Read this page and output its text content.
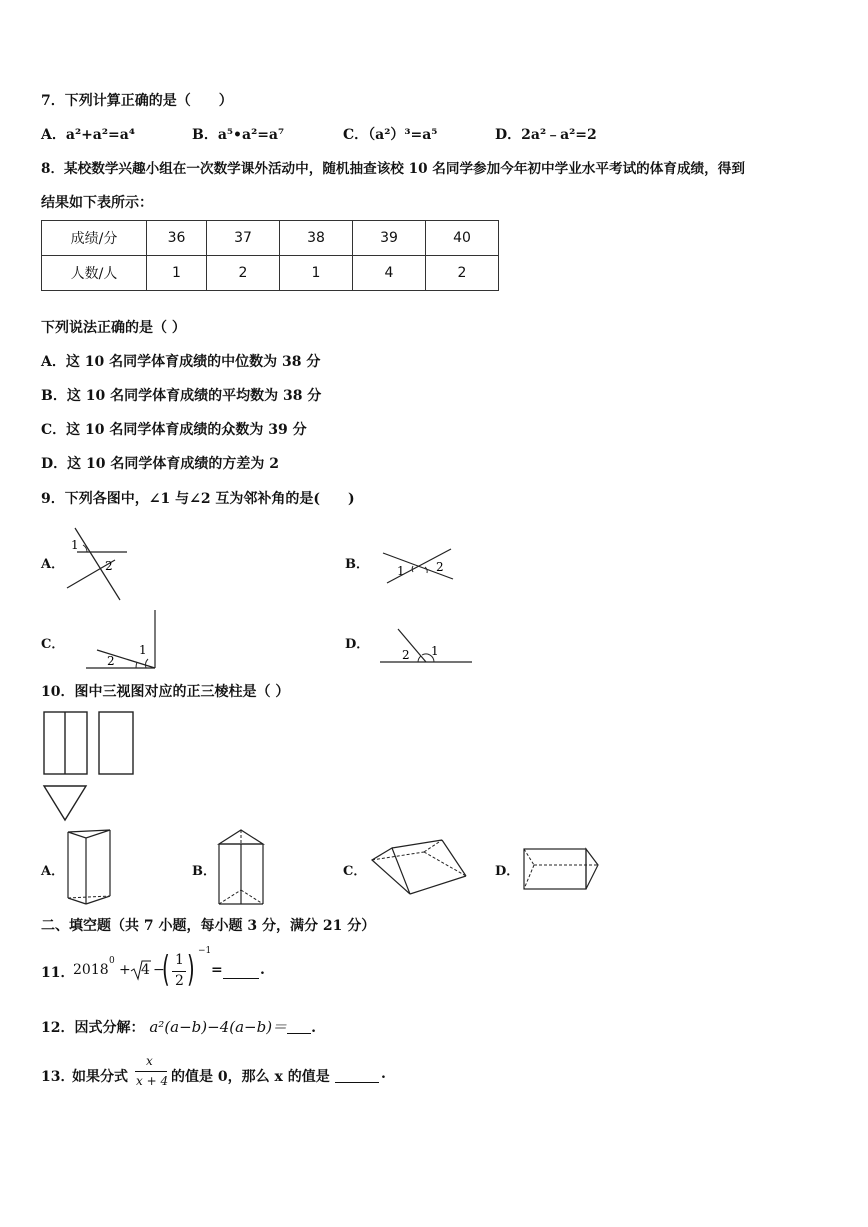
7．下列计算正确的是（　　）
A．a²+a²=a⁴	B．a⁵•a²=a⁷	C．（a²）³=a⁵	D．2a²﹣a²=2
8．某校数学兴趣小组在一次数学课外活动中，随机抽查该校 10 名同学参加今年初中学业水平考试的体育成绩，得到
结果如下表所示：
成绩/分	36	37	38	39	40
人数/人	1	2	1	4	2
下列说法正确的是（ ）
A．这 10 名同学体育成绩的中位数为 38 分
B．这 10 名同学体育成绩的平均数为 38 分
C．这 10 名同学体育成绩的众数为 39 分
D．这 10 名同学体育成绩的方差为 2
9．下列各图中，∠1 与∠2 互为邻补角的是(　　)
A．
1
2	B． 1	2
C．	1
2
D．
2 1
10．图中三视图对应的正三棱柱是（ ）
A．	B．	C．	D．
二、填空题（共 7 小题，每小题 3 分，满分 21 分）
11．
2018
0
+ 4 −
( 1
2 ) −1
=	.
12．因式分解： a²(a−b)−4(a−b)＝ .
13．
如果分式
x
x + 4 的值是 0，那么 x 的值是	.
